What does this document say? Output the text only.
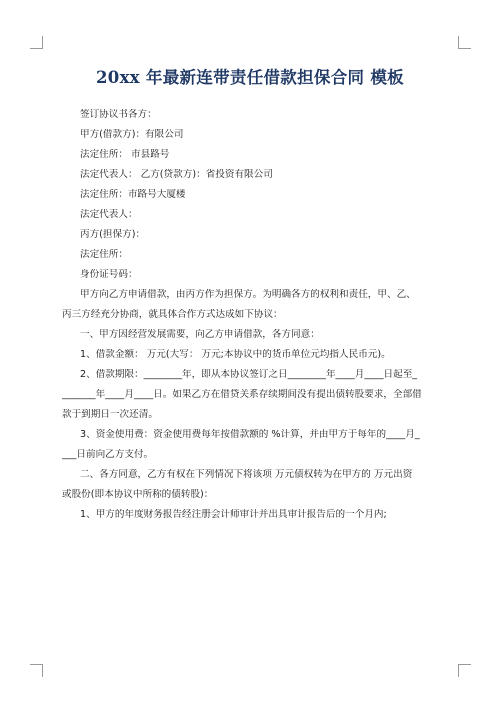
20xx 年最新连带责任借款担保合同 模板

签订协议书各方：

甲方(借款方)：有限公司

法定住所： 市县路号

法定代表人： 乙方(贷款方)：省投资有限公司

法定住所：市路号大厦楼

法定代表人：

丙方(担保方)：

法定住所：

身份证号码：

甲方向乙方申请借款，由丙方作为担保方。为明确各方的权利和责任，甲、乙、

丙三方经充分协商，就具体合作方式达成如下协议：

一、甲方因经营发展需要，向乙方申请借款，各方同意：

1、借款金额： 万元(大写： 万元;本协议中的货币单位元均指人民币元)。

2、借款期限：________年，即从本协议签订之日________年____月____日起至_

_______年____月____日。如果乙方在借贷关系存续期间没有提出债转股要求，全部借

款于到期日一次还清。

3、资金使用费：资金使用费每年按借款额的 %计算，并由甲方于每年的____月_

___日前向乙方支付。

二、各方同意，乙方有权在下列情况下将该项 万元债权转为在甲方的 万元出资

或股份(即本协议中所称的债转股)：

1、甲方的年度财务报告经注册会计师审计并出具审计报告后的一个月内;
